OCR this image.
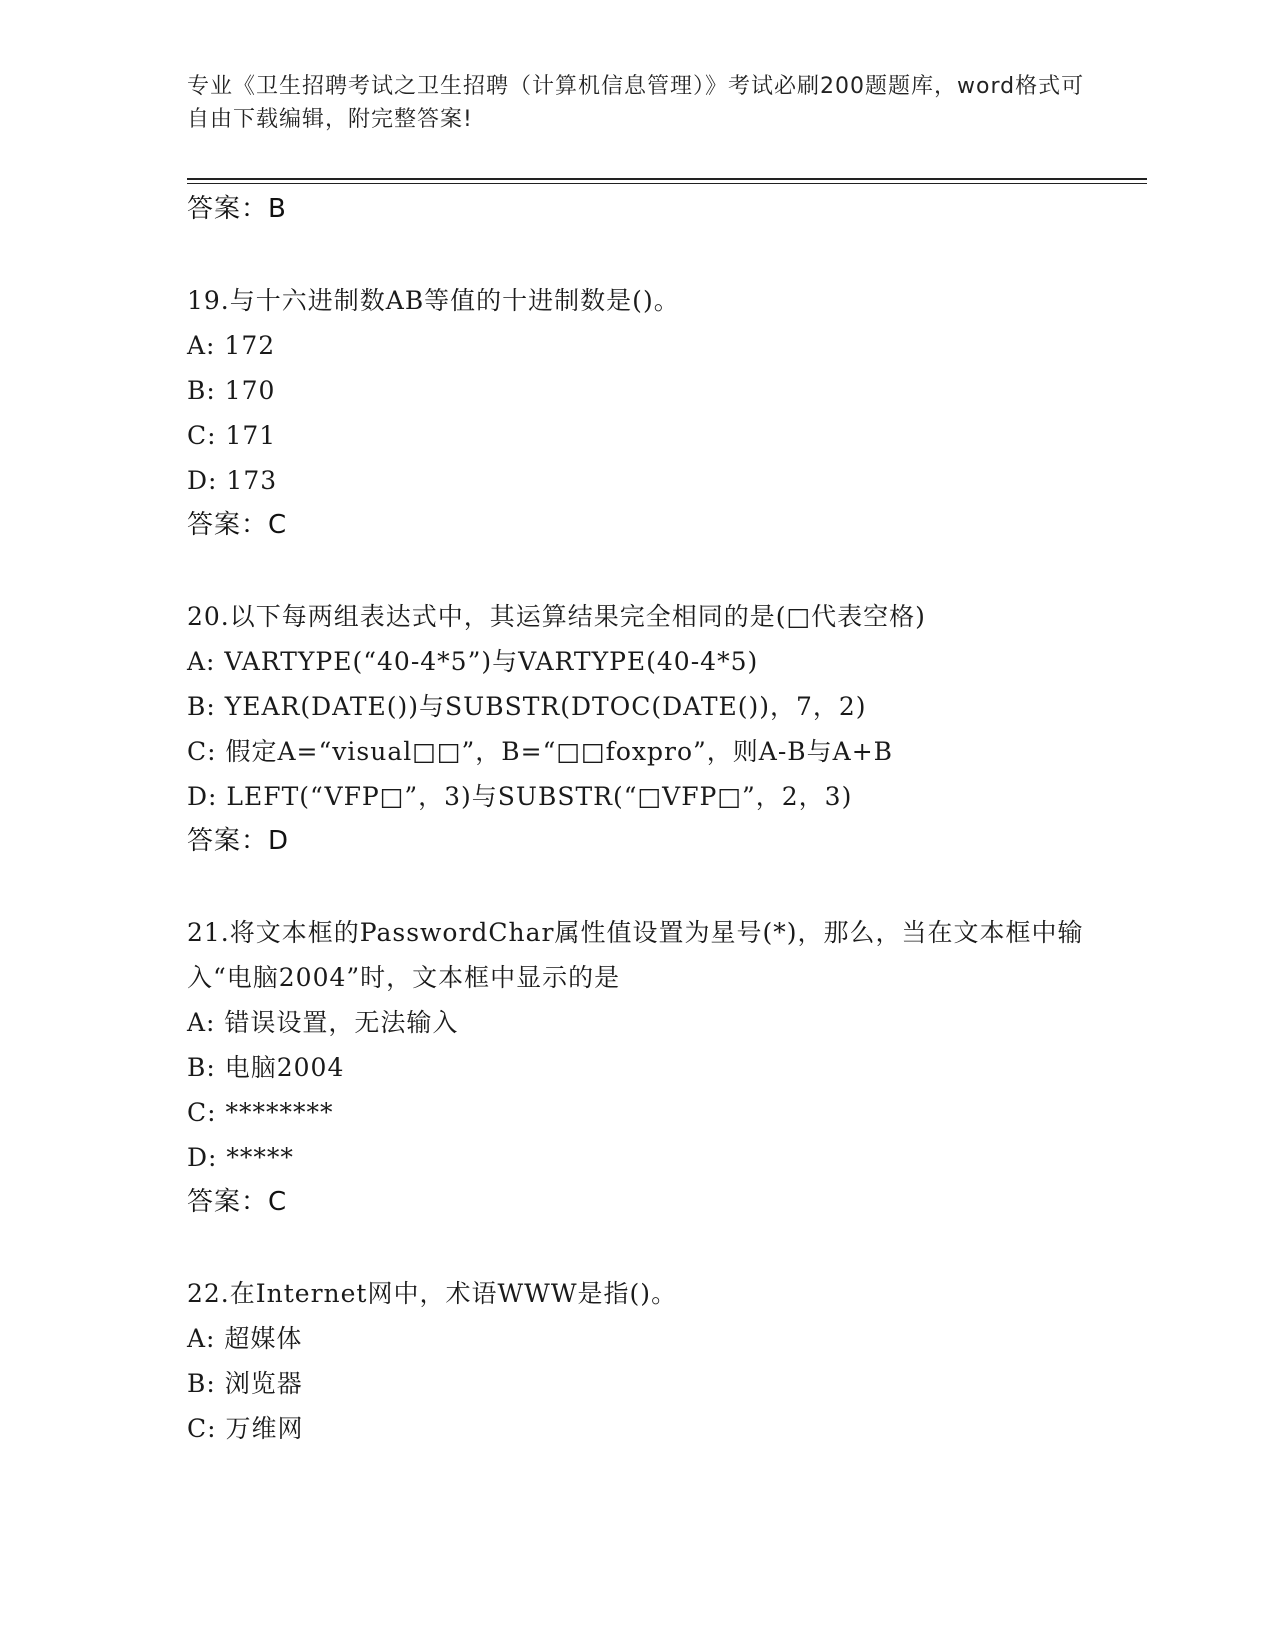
专业《卫生招聘考试之卫生招聘（计算机信息管理）》考试必刷200题题库，word格式可自由下载编辑，附完整答案!
答案：B
19.与十六进制数AB等值的十进制数是()。
A: 172
B: 170
C: 171
D: 173
答案：C
20.以下每两组表达式中，其运算结果完全相同的是(□代表空格)
A: VARTYPE(“40-4*5”)与VARTYPE(40-4*5)
B: YEAR(DATE())与SUBSTR(DTOC(DATE())，7，2)
C: 假定A=“visual□□”，B=“□□foxpro”，则A-B与A+B
D: LEFT(“VFP□”，3)与SUBSTR(“□VFP□”，2，3)
答案：D
21.将文本框的PasswordChar属性值设置为星号(*)，那么，当在文本框中输入“电脑2004”时，文本框中显示的是
A: 错误设置，无法输入
B: 电脑2004
C: ********
D: *****
答案：C
22.在Internet网中，术语WWW是指()。
A: 超媒体
B: 浏览器
C: 万维网
